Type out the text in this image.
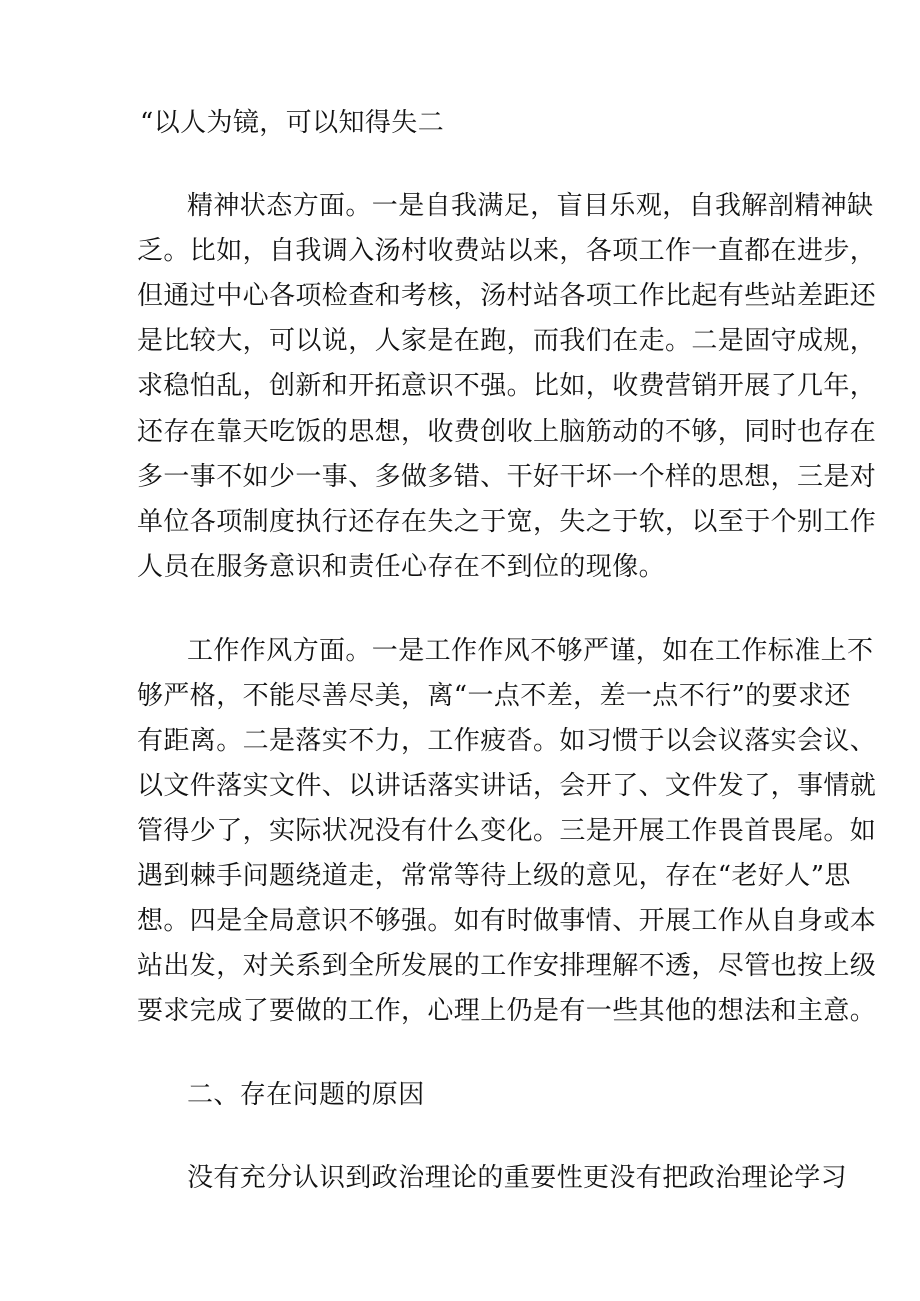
“以人为镜，可以知得失二

精神状态方面。一是自我满足，盲目乐观，自我解剖精神缺

乏。比如，自我调入汤村收费站以来，各项工作一直都在进步，

但通过中心各项检查和考核，汤村站各项工作比起有些站差距还

是比较大，可以说，人家是在跑，而我们在走。二是固守成规，

求稳怕乱，创新和开拓意识不强。比如，收费营销开展了几年，

还存在靠天吃饭的思想，收费创收上脑筋动的不够，同时也存在

多一事不如少一事、多做多错、干好干坏一个样的思想，三是对

单位各项制度执行还存在失之于宽，失之于软，以至于个别工作

人员在服务意识和责任心存在不到位的现像。

工作作风方面。一是工作作风不够严谨，如在工作标准上不

够严格，不能尽善尽美，离“一点不差，差一点不行”的要求还

有距离。二是落实不力，工作疲沓。如习惯于以会议落实会议、

以文件落实文件、以讲话落实讲话，会开了、文件发了，事情就

管得少了，实际状况没有什么变化。三是开展工作畏首畏尾。如

遇到棘手问题绕道走，常常等待上级的意见，存在“老好人”思

想。四是全局意识不够强。如有时做事情、开展工作从自身或本

站出发，对关系到全所发展的工作安排理解不透，尽管也按上级

要求完成了要做的工作，心理上仍是有一些其他的想法和主意。

二、存在问题的原因

没有充分认识到政治理论的重要性更没有把政治理论学习
